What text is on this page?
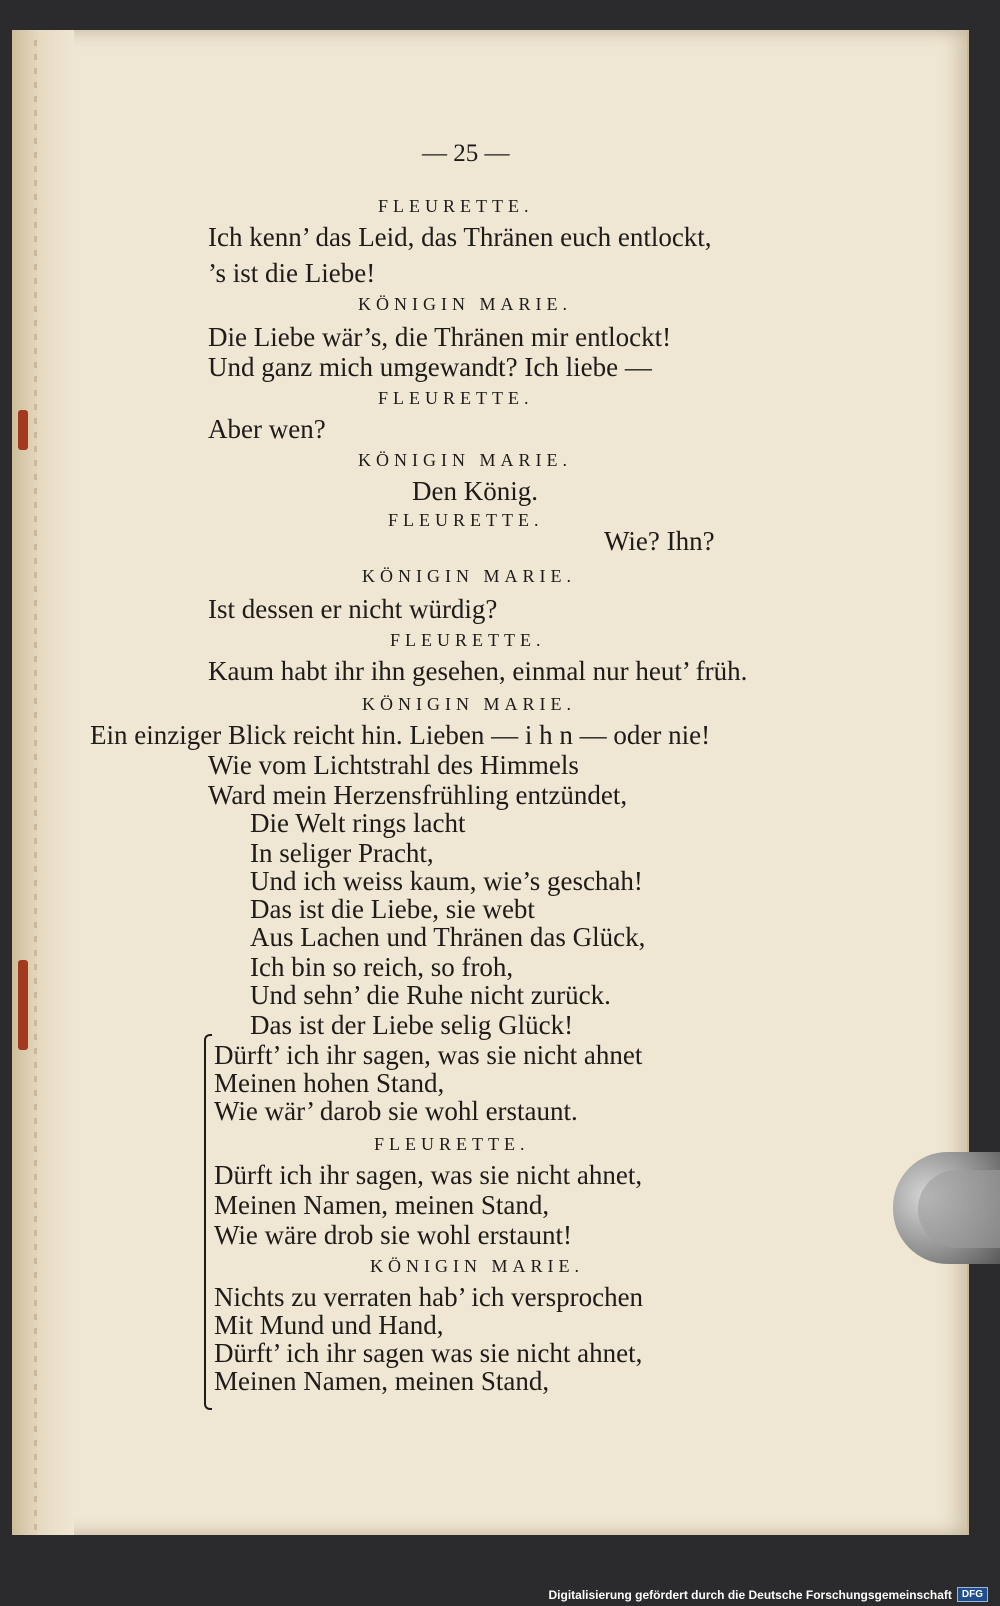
— 25 —
FLEURETTE.
Ich kenn’ das Leid, das Thränen euch entlockt,
’s ist die Liebe!
KÖNIGIN MARIE.
Die Liebe wär’s, die Thränen mir entlockt!
Und ganz mich umgewandt? Ich liebe —
FLEURETTE.
Aber wen?
KÖNIGIN MARIE.
Den König.
FLEURETTE.
Wie? Ihn?
KÖNIGIN MARIE.
Ist dessen er nicht würdig?
FLEURETTE.
Kaum habt ihr ihn gesehen, einmal nur heut’ früh.
KÖNIGIN MARIE.
Ein einziger Blick reicht hin. Lieben — i h n — oder nie!
Wie vom Lichtstrahl des Himmels
Ward mein Herzensfrühling entzündet,
Die Welt rings lacht
In seliger Pracht,
Und ich weiss kaum, wie’s geschah!
Das ist die Liebe, sie webt
Aus Lachen und Thränen das Glück,
Ich bin so reich, so froh,
Und sehn’ die Ruhe nicht zurück.
Das ist der Liebe selig Glück!
Dürft’ ich ihr sagen, was sie nicht ahnet
Meinen hohen Stand,
Wie wär’ darob sie wohl erstaunt.
FLEURETTE.
Dürft ich ihr sagen, was sie nicht ahnet,
Meinen Namen, meinen Stand,
Wie wäre drob sie wohl erstaunt!
KÖNIGIN MARIE.
Nichts zu verraten hab’ ich versprochen
Mit Mund und Hand,
Dürft’ ich ihr sagen was sie nicht ahnet,
Meinen Namen, meinen Stand,
Digitalisierung gefördert durch die Deutsche Forschungsgemeinschaft	DFG
